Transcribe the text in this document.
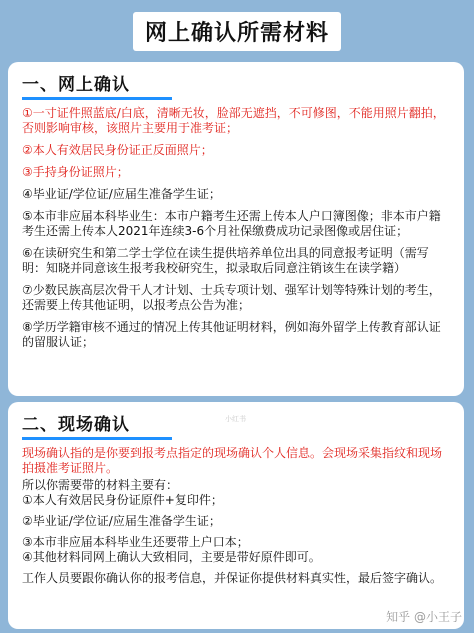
网上确认所需材料
一、网上确认
①一寸证件照蓝底/白底，清晰无妆，脸部无遮挡，不可修图，不能用照片翻拍，否则影响审核，该照片主要用于准考证；
②本人有效居民身份证正反面照片；
③手持身份证照片；
④毕业证/学位证/应届生准备学生证；
⑤本市非应届本科毕业生：本市户籍考生还需上传本人户口簿图像；非本市户籍考生还需上传本人2021年连续3-6个月社保缴费成功记录图像或居住证；
⑥在读研究生和第二学士学位在读生提供培养单位出具的同意报考证明（需写明：知晓并同意该生报考我校研究生，拟录取后同意注销该生在读学籍）
⑦少数民族高层次骨干人才计划、士兵专项计划、强军计划等特殊计划的考生，还需要上传其他证明，以报考点公告为准；
⑧学历学籍审核不通过的情况上传其他证明材料，例如海外留学上传教育部认证的留服认证；
二、现场确认
现场确认指的是你要到报考点指定的现场确认个人信息。会现场采集指纹和现场拍摄准考证照片。
所以你需要带的材料主要有：
①本人有效居民身份证原件+复印件；
②毕业证/学位证/应届生准备学生证；
③本市非应届本科毕业生还要带上户口本；
④其他材料同网上确认大致相同，主要是带好原件即可。
工作人员要跟你确认你的报考信息，并保证你提供材料真实性，最后签字确认。
小红书
知乎 @小王子
